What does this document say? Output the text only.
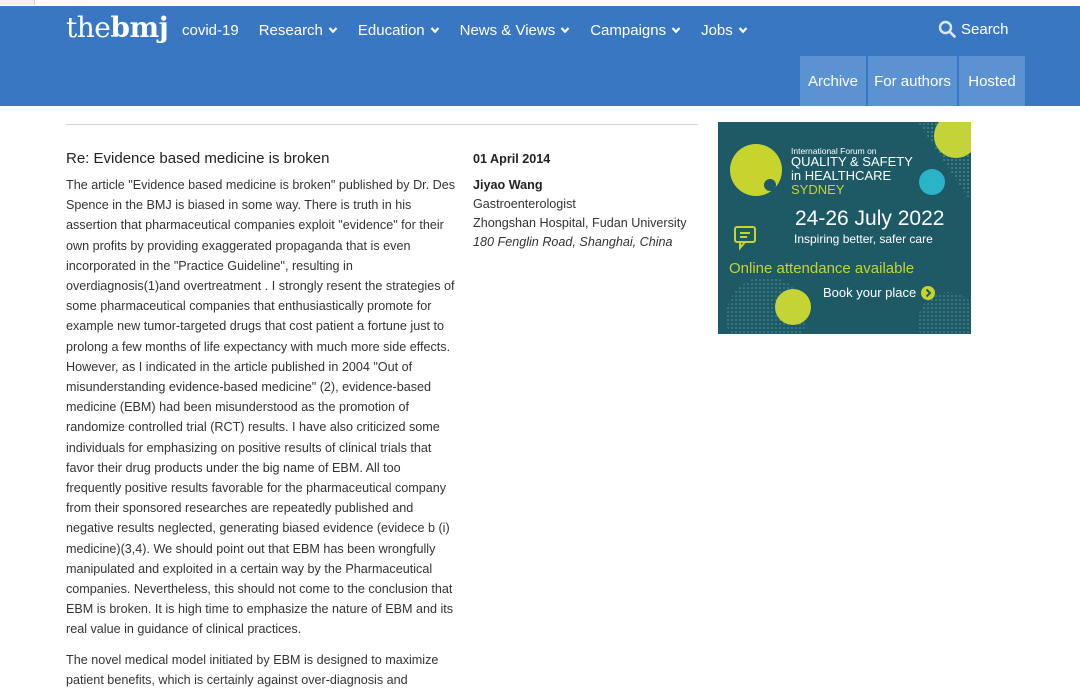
thebmj covid-19 Research Education News & Views Campaigns Jobs	Search
Archive	For authors	Hosted
Re: Evidence based medicine is broken

The article "Evidence based medicine is broken" published by Dr. Des Spence in the BMJ is biased in some way. There is truth in his assertion that pharmaceutical companies exploit "evidence" for their own profits by providing exaggerated propaganda that is even incorporated in the "Practice Guideline", resulting in overdiagnosis(1)and overtreatment . I strongly resent the strategies of some pharmaceutical companies that enthusiastically promote for example new tumor-targeted drugs that cost patient a fortune just to prolong a few months of life expectancy with much more side effects. However, as I indicated in the article published in 2004 "Out of misunderstanding evidence-based medicine" (2), evidence-based medicine (EBM) had been misunderstood as the promotion of randomize controlled trial (RCT) results. I have also criticized some individuals for emphasizing on positive results of clinical trials that favor their drug products under the big name of EBM. All too frequently positive results favorable for the pharmaceutical company from their sponsored researches are repeatedly published and negative results neglected, generating biased evidence (evidece b (i) medicine)(3,4). We should point out that EBM has been wrongfully manipulated and exploited in a certain way by the Pharmaceutical companies. Nevertheless, this should not come to the conclusion that EBM is broken. It is high time to emphasize the nature of EBM and its real value in guidance of clinical practices.

The novel medical model initiated by EBM is designed to maximize patient benefits, which is certainly against over-diagnosis and

01 April 2014
Jiyao Wang
Gastroenterologist
Zhongshan Hospital, Fudan University
180 Fenglin Road, Shanghai, China
International Forum on
QUALITY & SAFETY
in HEALTHCARE
SYDNEY
24-26 July 2022
Inspiring better, safer care
Online attendance available
Book your place
